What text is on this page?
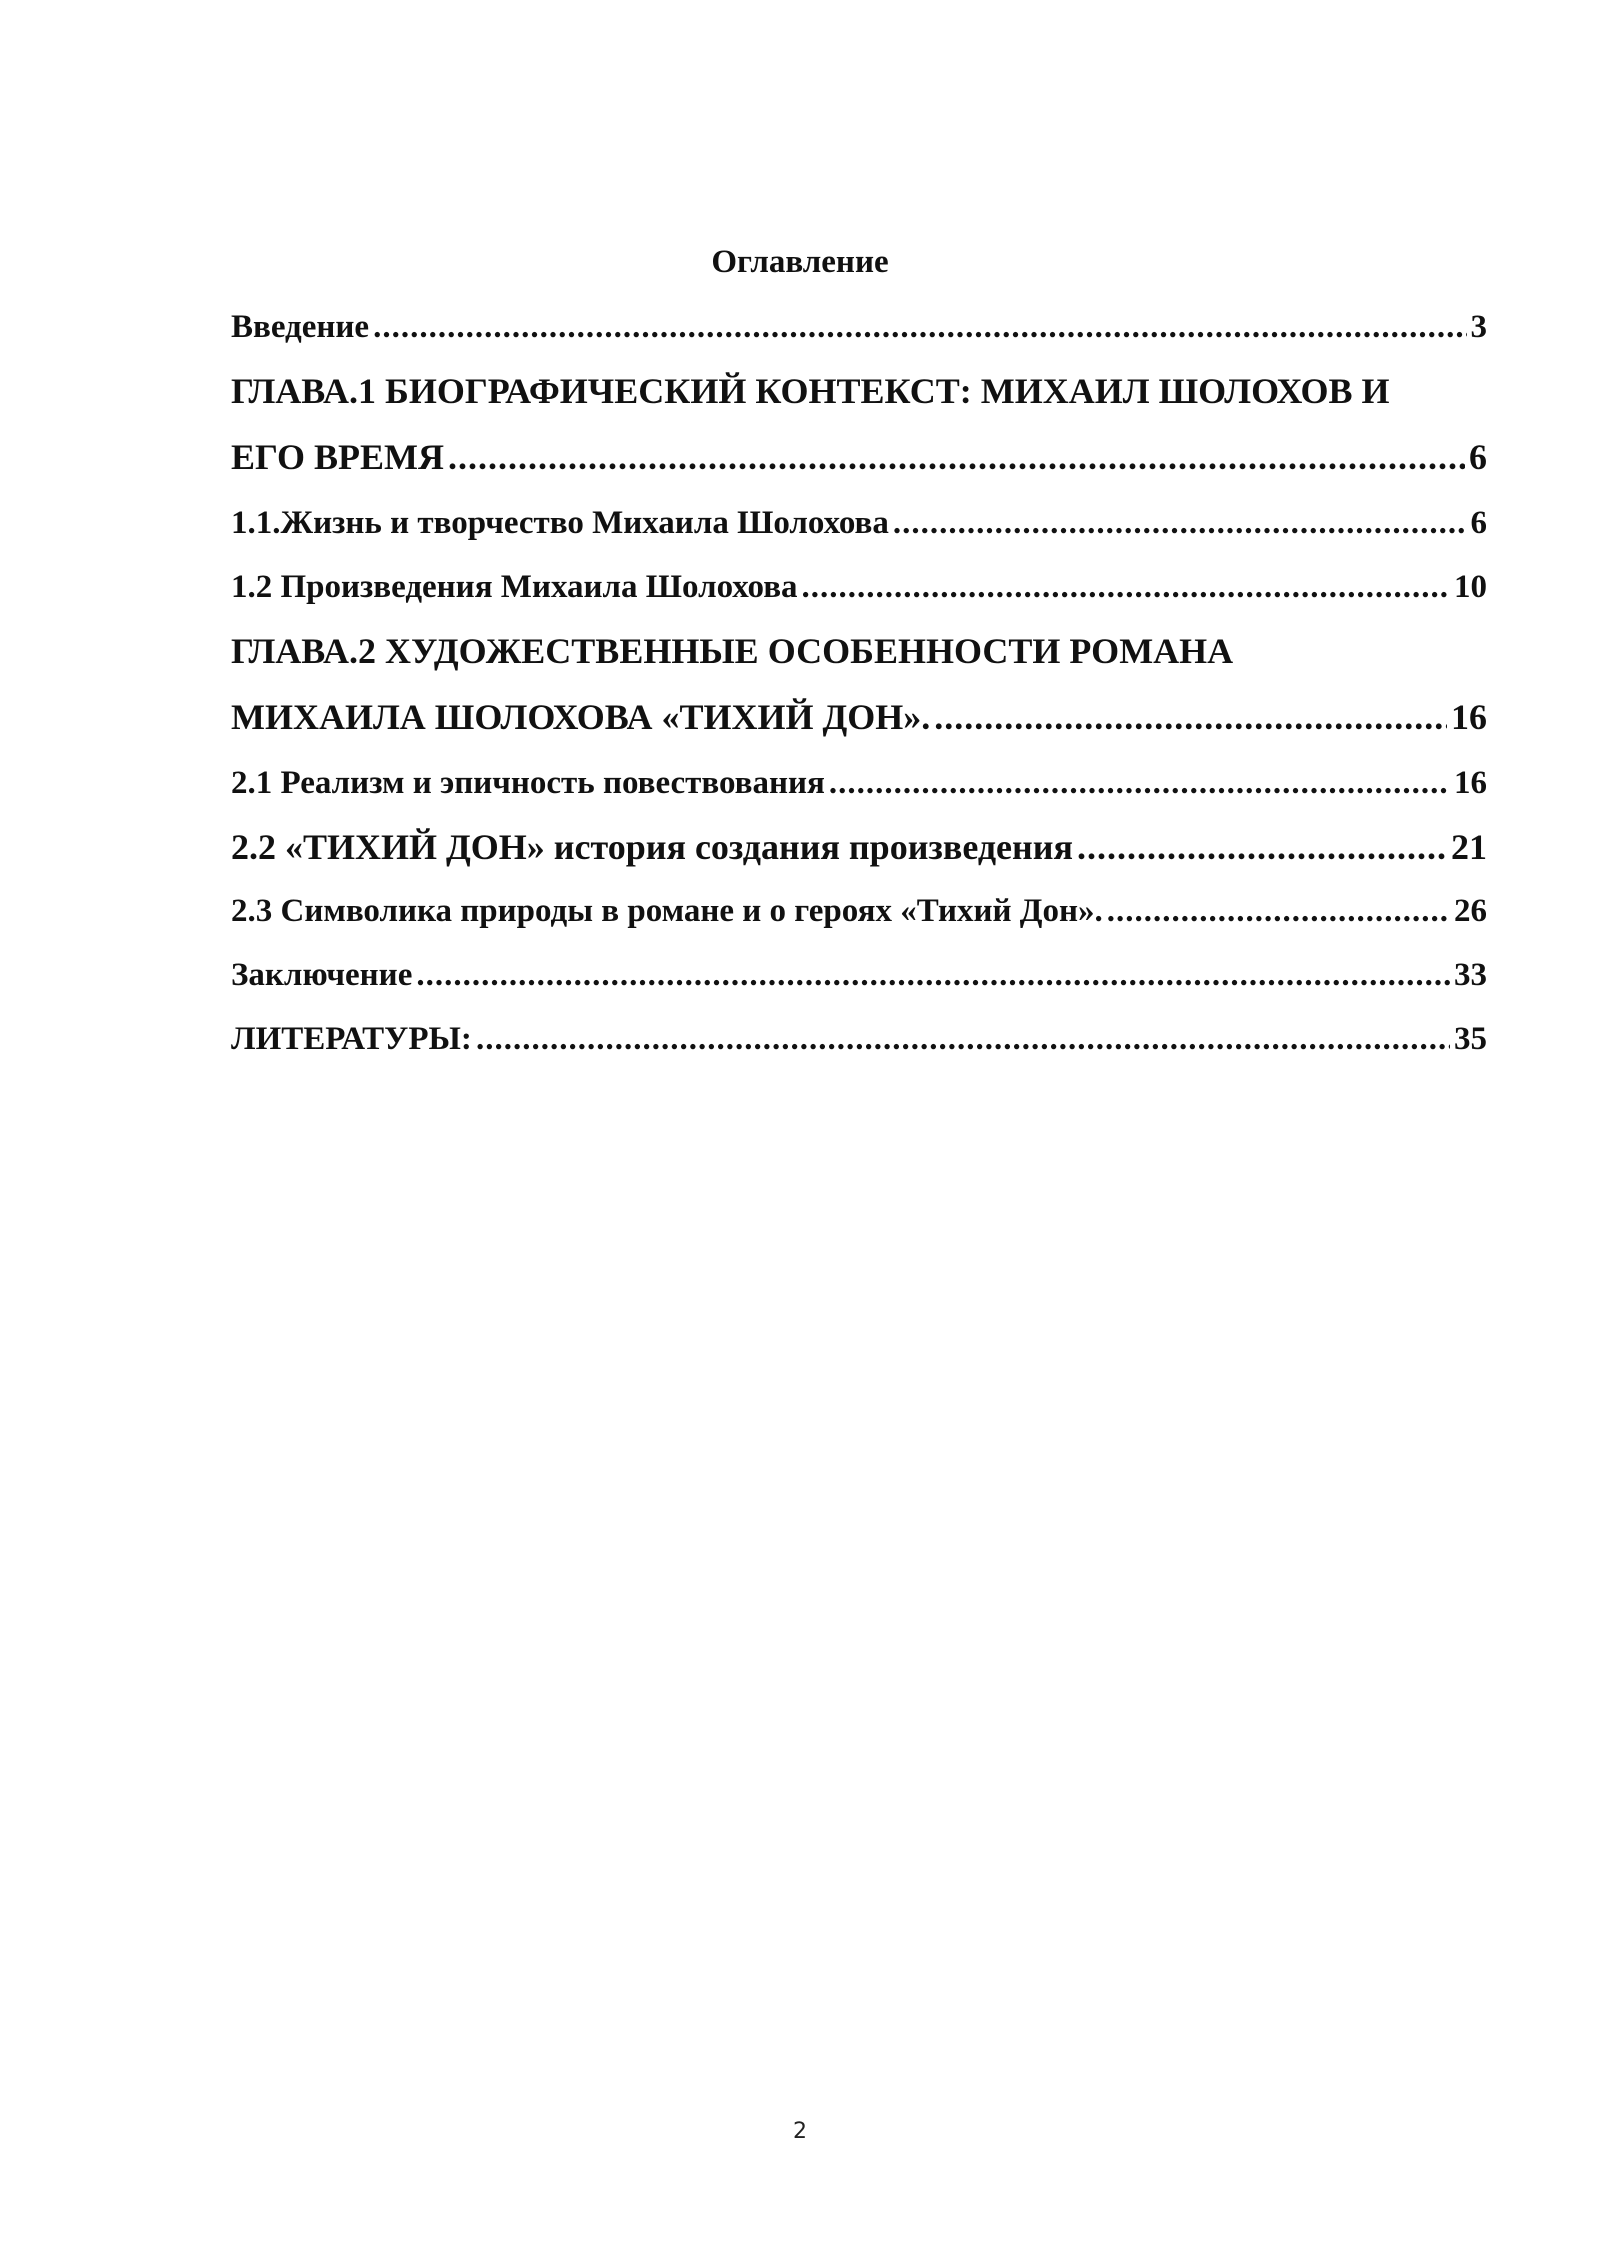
Оглавление
Введение .....	3
ГЛАВА.1 БИОГРАФИЧЕСКИЙ КОНТЕКСТ: МИХАИЛ ШОЛОХОВ И
ЕГО ВРЕМЯ .....	6
1.1.Жизнь и творчество Михаила Шолохова .....	6
1.2 Произведения Михаила Шолохова .....	10
ГЛАВА.2 ХУДОЖЕСТВЕННЫЕ ОСОБЕННОСТИ РОМАНА
МИХАИЛА ШОЛОХОВА «ТИХИЙ ДОН». .....	16
2.1 Реализм и эпичность повествования .....	16
2.2 «ТИХИЙ ДОН» история создания произведения .....	21
2.3 Символика природы в романе и о героях «Тихий Дон». .....	26
Заключение .....	33
ЛИТЕРАТУРЫ: .....	35
2
